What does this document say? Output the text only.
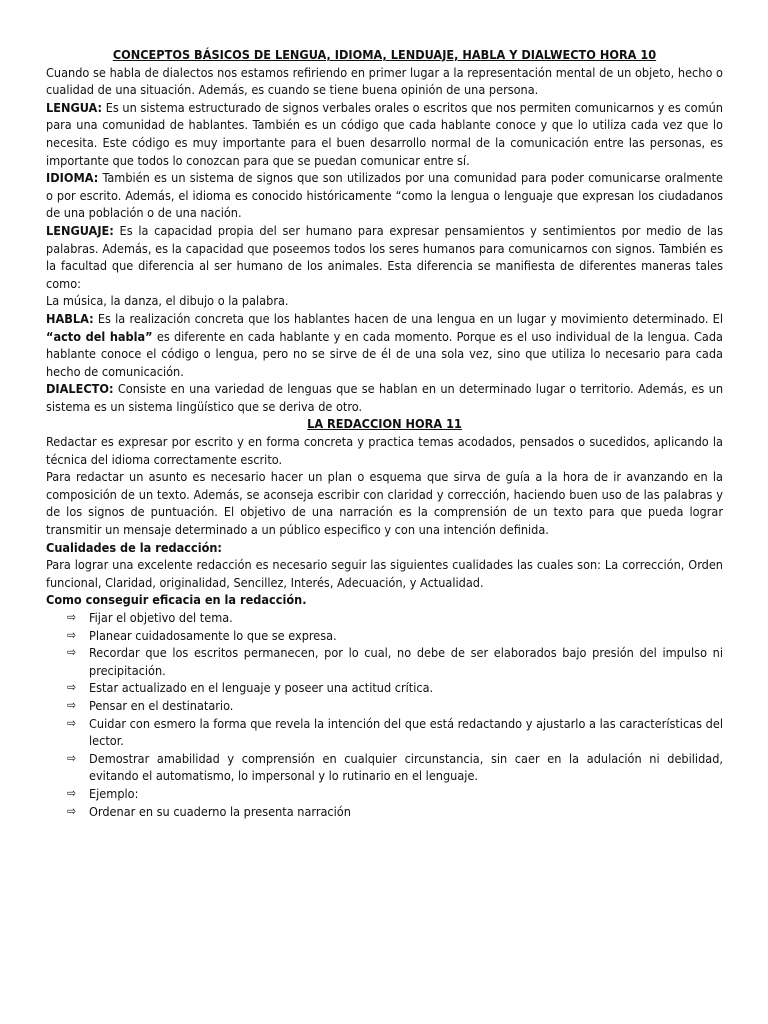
CONCEPTOS BÁSICOS DE LENGUA, IDIOMA, LENDUAJE, HABLA Y DIALWECTO HORA 10

Cuando se habla de dialectos nos estamos refiriendo en primer lugar a la representación mental de un objeto, hecho o cualidad de una situación. Además, es cuando se tiene buena opinión de una persona.

LENGUA: Es un sistema estructurado de signos verbales orales o escritos que nos permiten comunicarnos y es común para una comunidad de hablantes. También es un código que cada hablante conoce y que lo utiliza cada vez que lo necesita. Este código es muy importante para el buen desarrollo normal de la comunicación entre las personas, es importante que todos lo conozcan para que se puedan comunicar entre sí.

IDIOMA: También es un sistema de signos que son utilizados por una comunidad para poder comunicarse oralmente o por escrito. Además, el idioma es conocido históricamente “como la lengua o lenguaje que expresan los ciudadanos de una población o de una nación.

LENGUAJE: Es la capacidad propia del ser humano para expresar pensamientos y sentimientos por medio de las palabras. Además, es la capacidad que poseemos todos los seres humanos para comunicarnos con signos. También es la facultad que diferencia al ser humano de los animales. Esta diferencia se manifiesta de diferentes maneras tales como:

La música, la danza, el dibujo o la palabra.

HABLA: Es la realización concreta que los hablantes hacen de una lengua en un lugar y movimiento determinado. El “acto del habla” es diferente en cada hablante y en cada momento. Porque es el uso individual de la lengua. Cada hablante conoce el código o lengua, pero no se sirve de él de una sola vez, sino que utiliza lo necesario para cada hecho de comunicación.

DIALECTO: Consiste en una variedad de lenguas que se hablan en un determinado lugar o territorio. Además, es un sistema es un sistema lingüístico que se deriva de otro.

LA REDACCION HORA 11

Redactar es expresar por escrito y en forma concreta y practica temas acodados, pensados o sucedidos, aplicando la técnica del idioma correctamente escrito.

Para redactar un asunto es necesario hacer un plan o esquema que sirva de guía a la hora de ir avanzando en la composición de un texto. Además, se aconseja escribir con claridad y corrección, haciendo buen uso de las palabras y de los signos de puntuación. El objetivo de una narración es la comprensión de un texto para que pueda lograr transmitir un mensaje determinado a un público especifico y con una intención definida.

Cualidades de la redacción:

Para lograr una excelente redacción es necesario seguir las siguientes cualidades las cuales son: La corrección, Orden funcional, Claridad, originalidad, Sencillez, Interés, Adecuación, y Actualidad.

Como conseguir eficacia en la redacción.

⇨ Fijar el objetivo del tema.
⇨ Planear cuidadosamente lo que se expresa.
⇨ Recordar que los escritos permanecen, por lo cual, no debe de ser elaborados bajo presión del impulso ni precipitación.
⇨ Estar actualizado en el lenguaje y poseer una actitud crítica.
⇨ Pensar en el destinatario.
⇨ Cuidar con esmero la forma que revela la intención del que está redactando y ajustarlo a las características del lector.
⇨ Demostrar amabilidad y comprensión en cualquier circunstancia, sin caer en la adulación ni debilidad, evitando el automatismo, lo impersonal y lo rutinario en el lenguaje.
⇨ Ejemplo:
⇨ Ordenar en su cuaderno la presenta narración
